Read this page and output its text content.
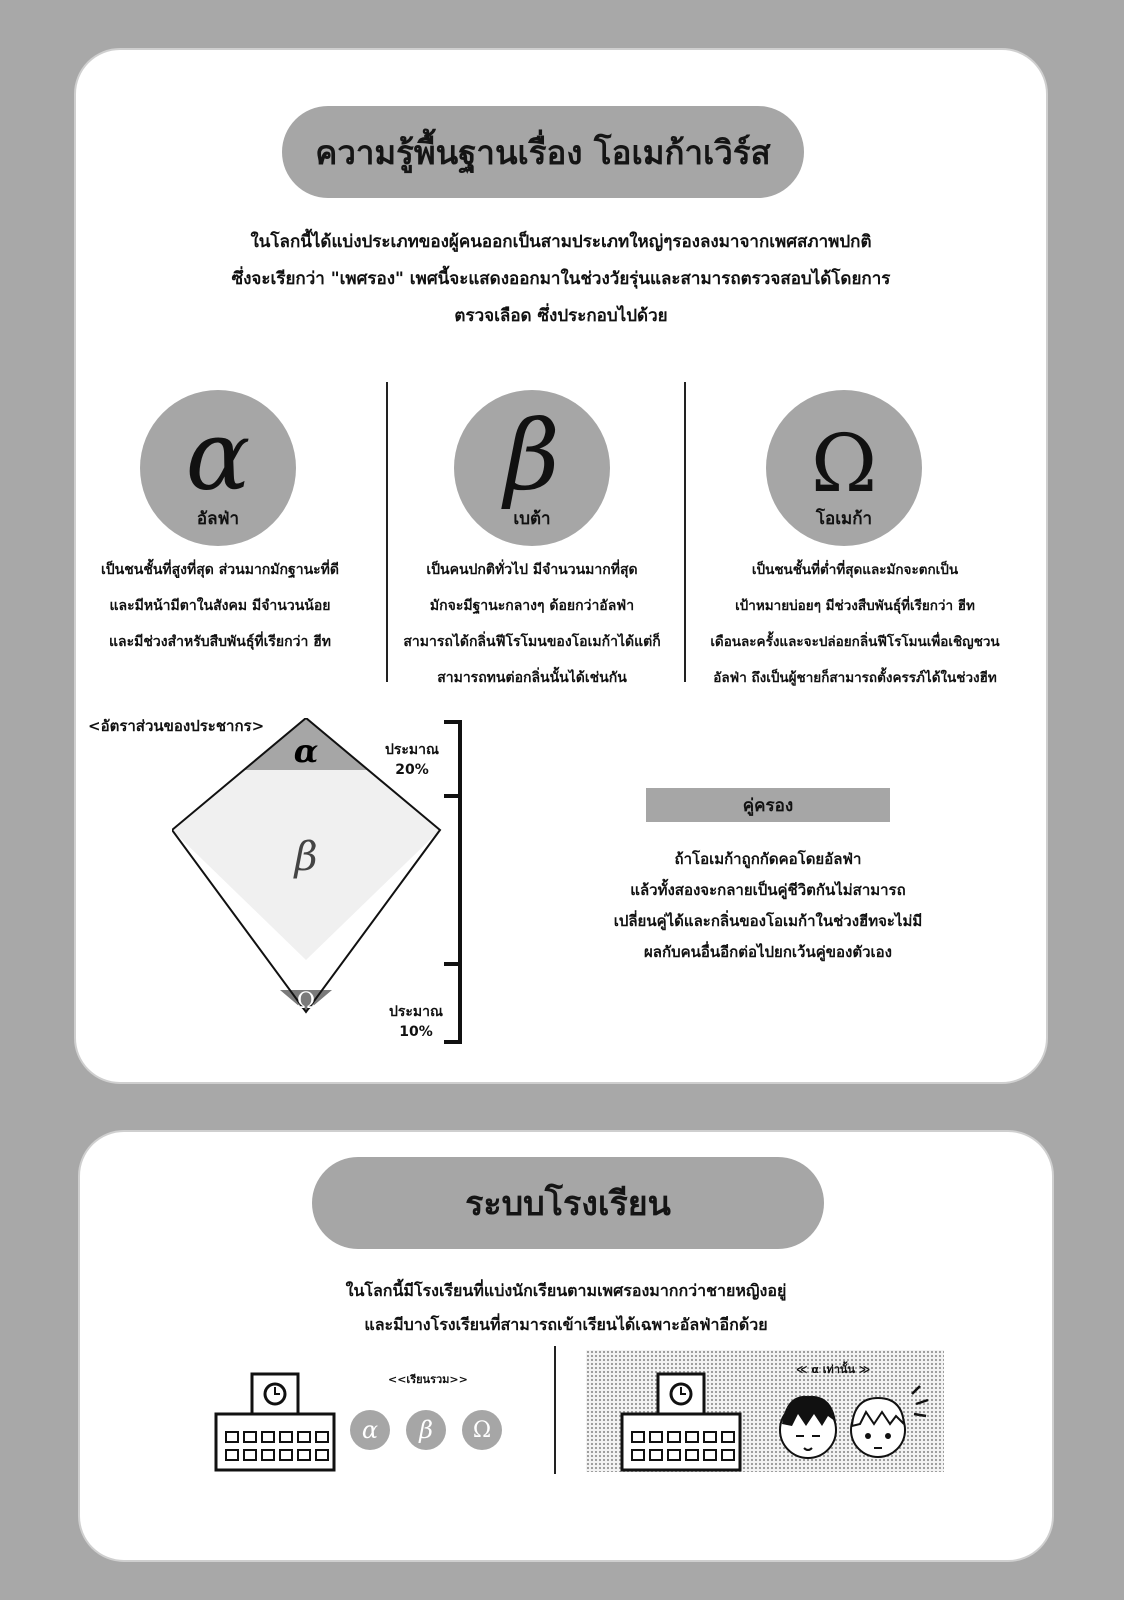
ความรู้พื้นฐานเรื่อง โอเมก้าเวิร์ส
ในโลกนี้ได้แบ่งประเภทของผู้คนออกเป็นสามประเภทใหญ่ๆรองลงมาจากเพศสภาพปกติ
ซึ่งจะเรียกว่า "เพศรอง" เพศนี้จะแสดงออกมาในช่วงวัยรุ่นและสามารถตรวจสอบได้โดยการ
ตรวจเลือด ซึ่งประกอบไปด้วย
α
อัลฟ่า
เป็นชนชั้นที่สูงที่สุด ส่วนมากมักฐานะที่ดี
และมีหน้ามีตาในสังคม มีจำนวนน้อย
และมีช่วงสำหรับสืบพันธุ์ที่เรียกว่า ฮีท
β
เบต้า
เป็นคนปกติทั่วไป มีจำนวนมากที่สุด
มักจะมีฐานะกลางๆ ด้อยกว่าอัลฟ่า
สามารถได้กลิ่นฟีโรโมนของโอเมก้าได้แต่ก็
สามารถทนต่อกลิ่นนั้นได้เช่นกัน
Ω
โอเมก้า
เป็นชนชั้นที่ต่ำที่สุดและมักจะตกเป็น
เป้าหมายบ่อยๆ มีช่วงสืบพันธุ์ที่เรียกว่า ฮีท
เดือนละครั้งและจะปล่อยกลิ่นฟีโรโมนเพื่อเชิญชวน
อัลฟ่า ถึงเป็นผู้ชายก็สามารถตั้งครรภ์ได้ในช่วงฮีท
<อัตราส่วนของประชากร>
α
β
Ω
ประมาณ
20%
ประมาณ
10%
คู่ครอง
ถ้าโอเมก้าถูกกัดคอโดยอัลฟ่า
แล้วทั้งสองจะกลายเป็นคู่ชีวิตกันไม่สามารถ
เปลี่ยนคู่ได้และกลิ่นของโอเมก้าในช่วงฮีทจะไม่มี
ผลกับคนอื่นอีกต่อไปยกเว้นคู่ของตัวเอง
ระบบโรงเรียน
ในโลกนี้มีโรงเรียนที่แบ่งนักเรียนตามเพศรองมากกว่าชายหญิงอยู่
และมีบางโรงเรียนที่สามารถเข้าเรียนได้เฉพาะอัลฟ่าอีกด้วย
<<เรียนรวม>>
α	β	Ω
≪ α เท่านั้น ≫
